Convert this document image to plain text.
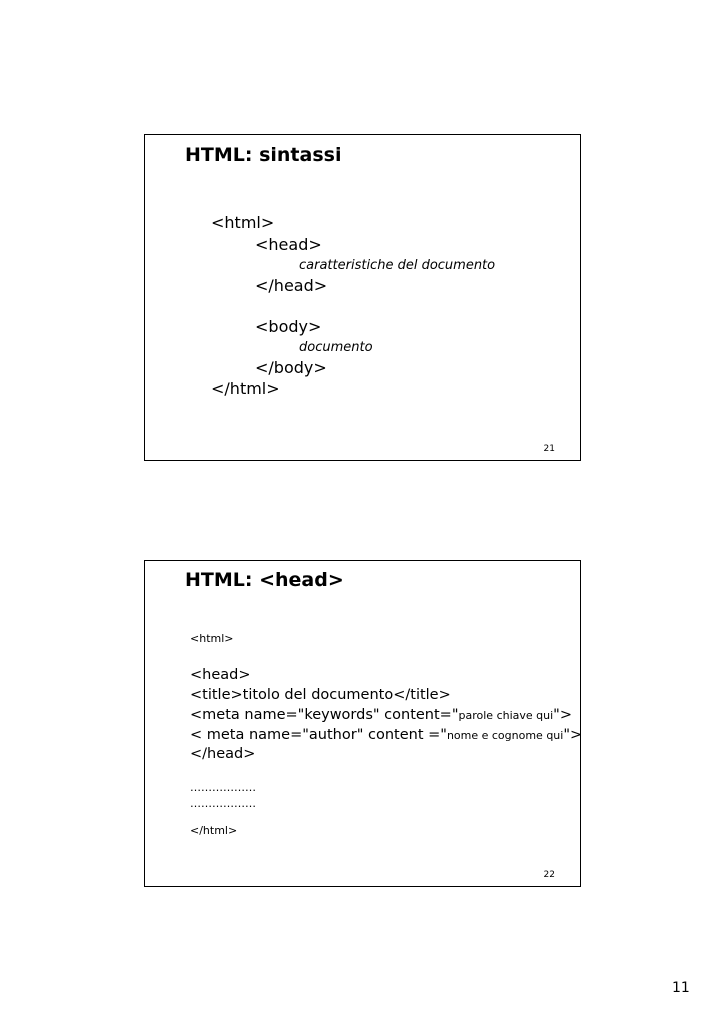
HTML: sintassi
<html>
<head>
caratteristiche del documento
</head>
<body>
documento
</body>
</html>
21
HTML: <head>
<html>
<head>
<title>titolo del documento</title>
<meta name="keywords" content="parole chiave qui">
< meta name="author" content ="nome e cognome qui">
</head>
………………
………………
</html>
22
11
